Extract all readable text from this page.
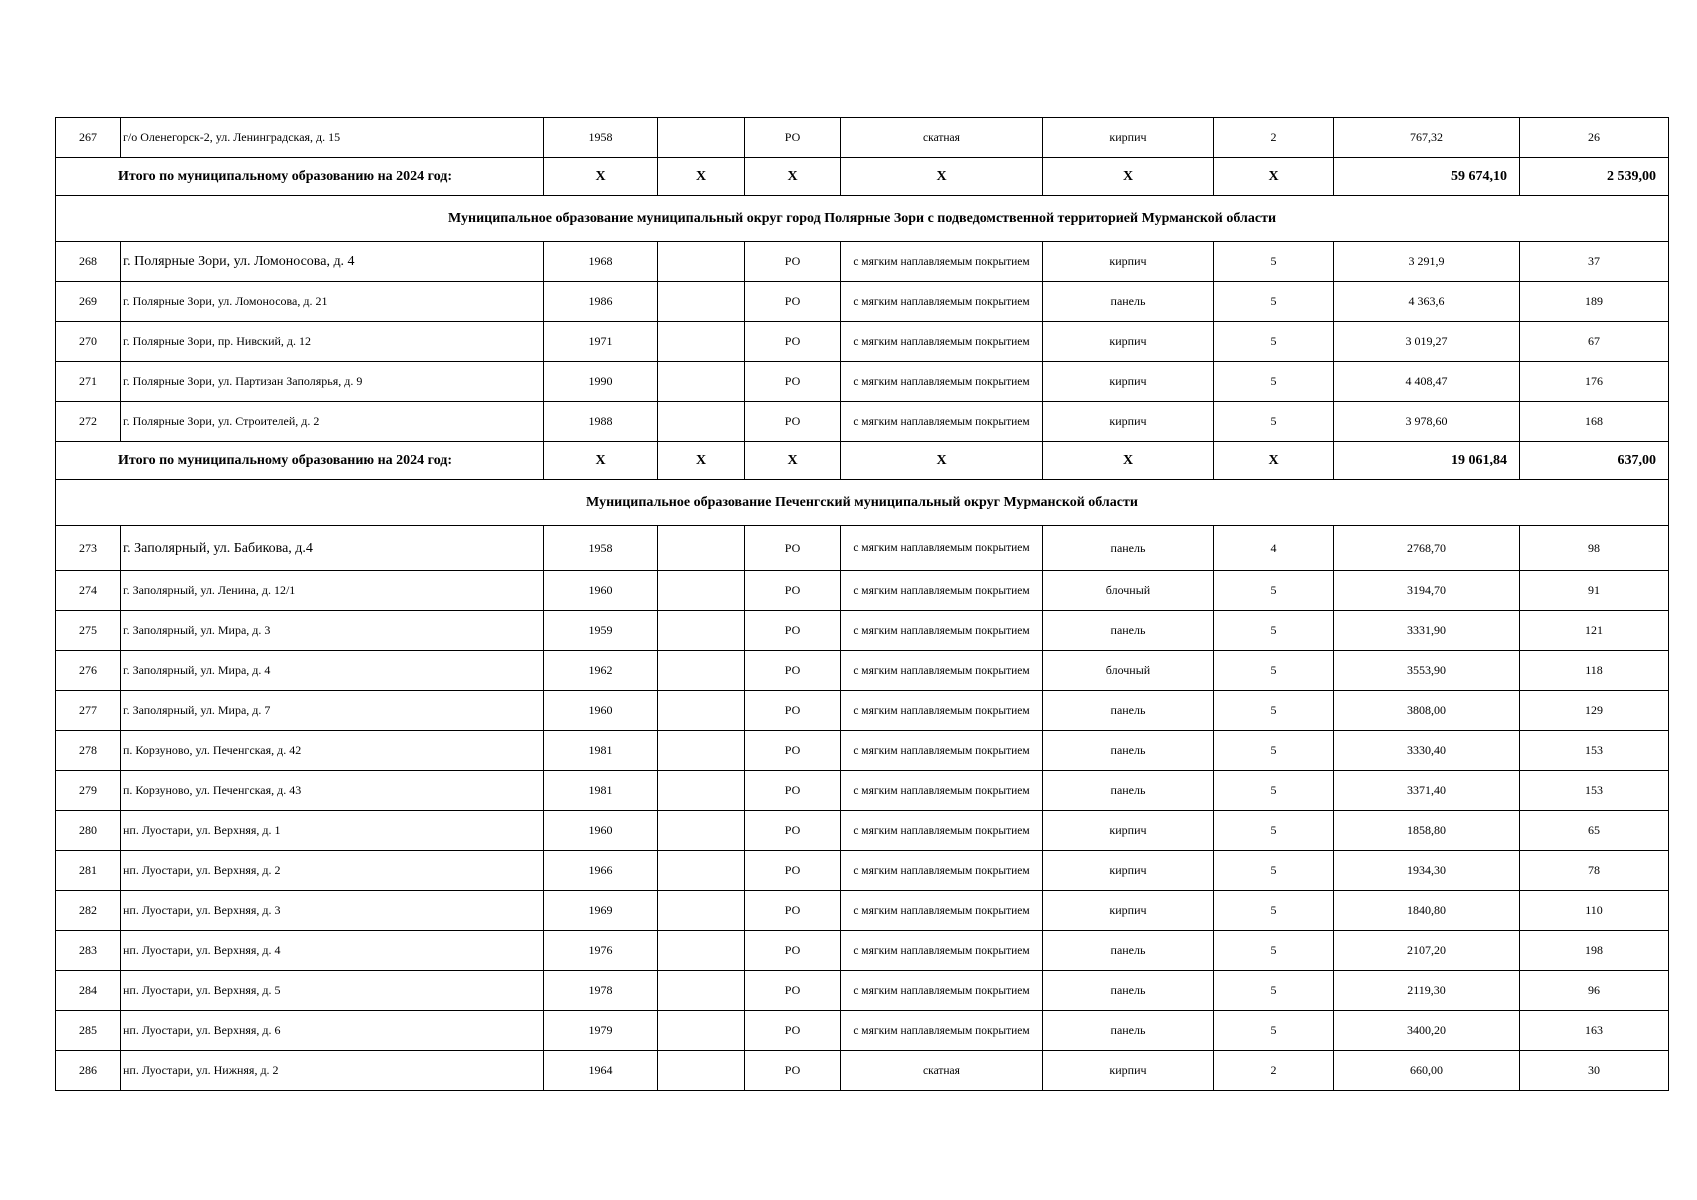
267	г/о Оленегорск-2, ул. Ленинградская, д. 15	1958		РО	скатная	кирпич	2	767,32	26
Итого по муниципальному образованию на 2024 год:		X	X	X	X	X	X	59 674,10	2 539,00
Муниципальное образование муниципальный округ город Полярные Зори с подведомственной территорией Мурманской области									
268	г. Полярные Зори, ул. Ломоносова, д. 4	1968		РО	с мягким наплавляемым покрытием	кирпич	5	3 291,9	37
269	г. Полярные Зори, ул. Ломоносова, д. 21	1986		РО	с мягким наплавляемым покрытием	панель	5	4 363,6	189
270	г. Полярные Зори, пр. Нивский, д. 12	1971		РО	с мягким наплавляемым покрытием	кирпич	5	3 019,27	67
271	г. Полярные Зори, ул. Партизан Заполярья, д. 9	1990		РО	с мягким наплавляемым покрытием	кирпич	5	4 408,47	176
272	г. Полярные Зори, ул. Строителей, д. 2	1988		РО	с мягким наплавляемым покрытием	кирпич	5	3 978,60	168
Итого по муниципальному образованию на 2024 год:		X	X	X	X	X	X	19 061,84	637,00
Муниципальное образование Печенгский муниципальный округ Мурманской области									
273	г. Заполярный, ул. Бабикова, д.4	1958		РО	с мягким наплавляемым покрытием	панель	4	2768,70	98
274	г. Заполярный, ул. Ленина, д. 12/1	1960		РО	с мягким наплавляемым покрытием	блочный	5	3194,70	91
275	г. Заполярный, ул. Мира, д. 3	1959		РО	с мягким наплавляемым покрытием	панель	5	3331,90	121
276	г. Заполярный, ул. Мира, д. 4	1962		РО	с мягким наплавляемым покрытием	блочный	5	3553,90	118
277	г. Заполярный, ул. Мира, д. 7	1960		РО	с мягким наплавляемым покрытием	панель	5	3808,00	129
278	п. Корзуново, ул. Печенгская, д. 42	1981		РО	с мягким наплавляемым покрытием	панель	5	3330,40	153
279	п. Корзуново, ул. Печенгская, д. 43	1981		РО	с мягким наплавляемым покрытием	панель	5	3371,40	153
280	нп. Луостари, ул. Верхняя, д. 1	1960		РО	с мягким наплавляемым покрытием	кирпич	5	1858,80	65
281	нп. Луостари, ул. Верхняя, д. 2	1966		РО	с мягким наплавляемым покрытием	кирпич	5	1934,30	78
282	нп. Луостари, ул. Верхняя, д. 3	1969		РО	с мягким наплавляемым покрытием	кирпич	5	1840,80	110
283	нп. Луостари, ул. Верхняя, д. 4	1976		РО	с мягким наплавляемым покрытием	панель	5	2107,20	198
284	нп. Луостари, ул. Верхняя, д. 5	1978		РО	с мягким наплавляемым покрытием	панель	5	2119,30	96
285	нп. Луостари, ул. Верхняя, д. 6	1979		РО	с мягким наплавляемым покрытием	панель	5	3400,20	163
286	нп. Луостари, ул. Нижняя, д. 2	1964		РО	скатная	кирпич	2	660,00	30
